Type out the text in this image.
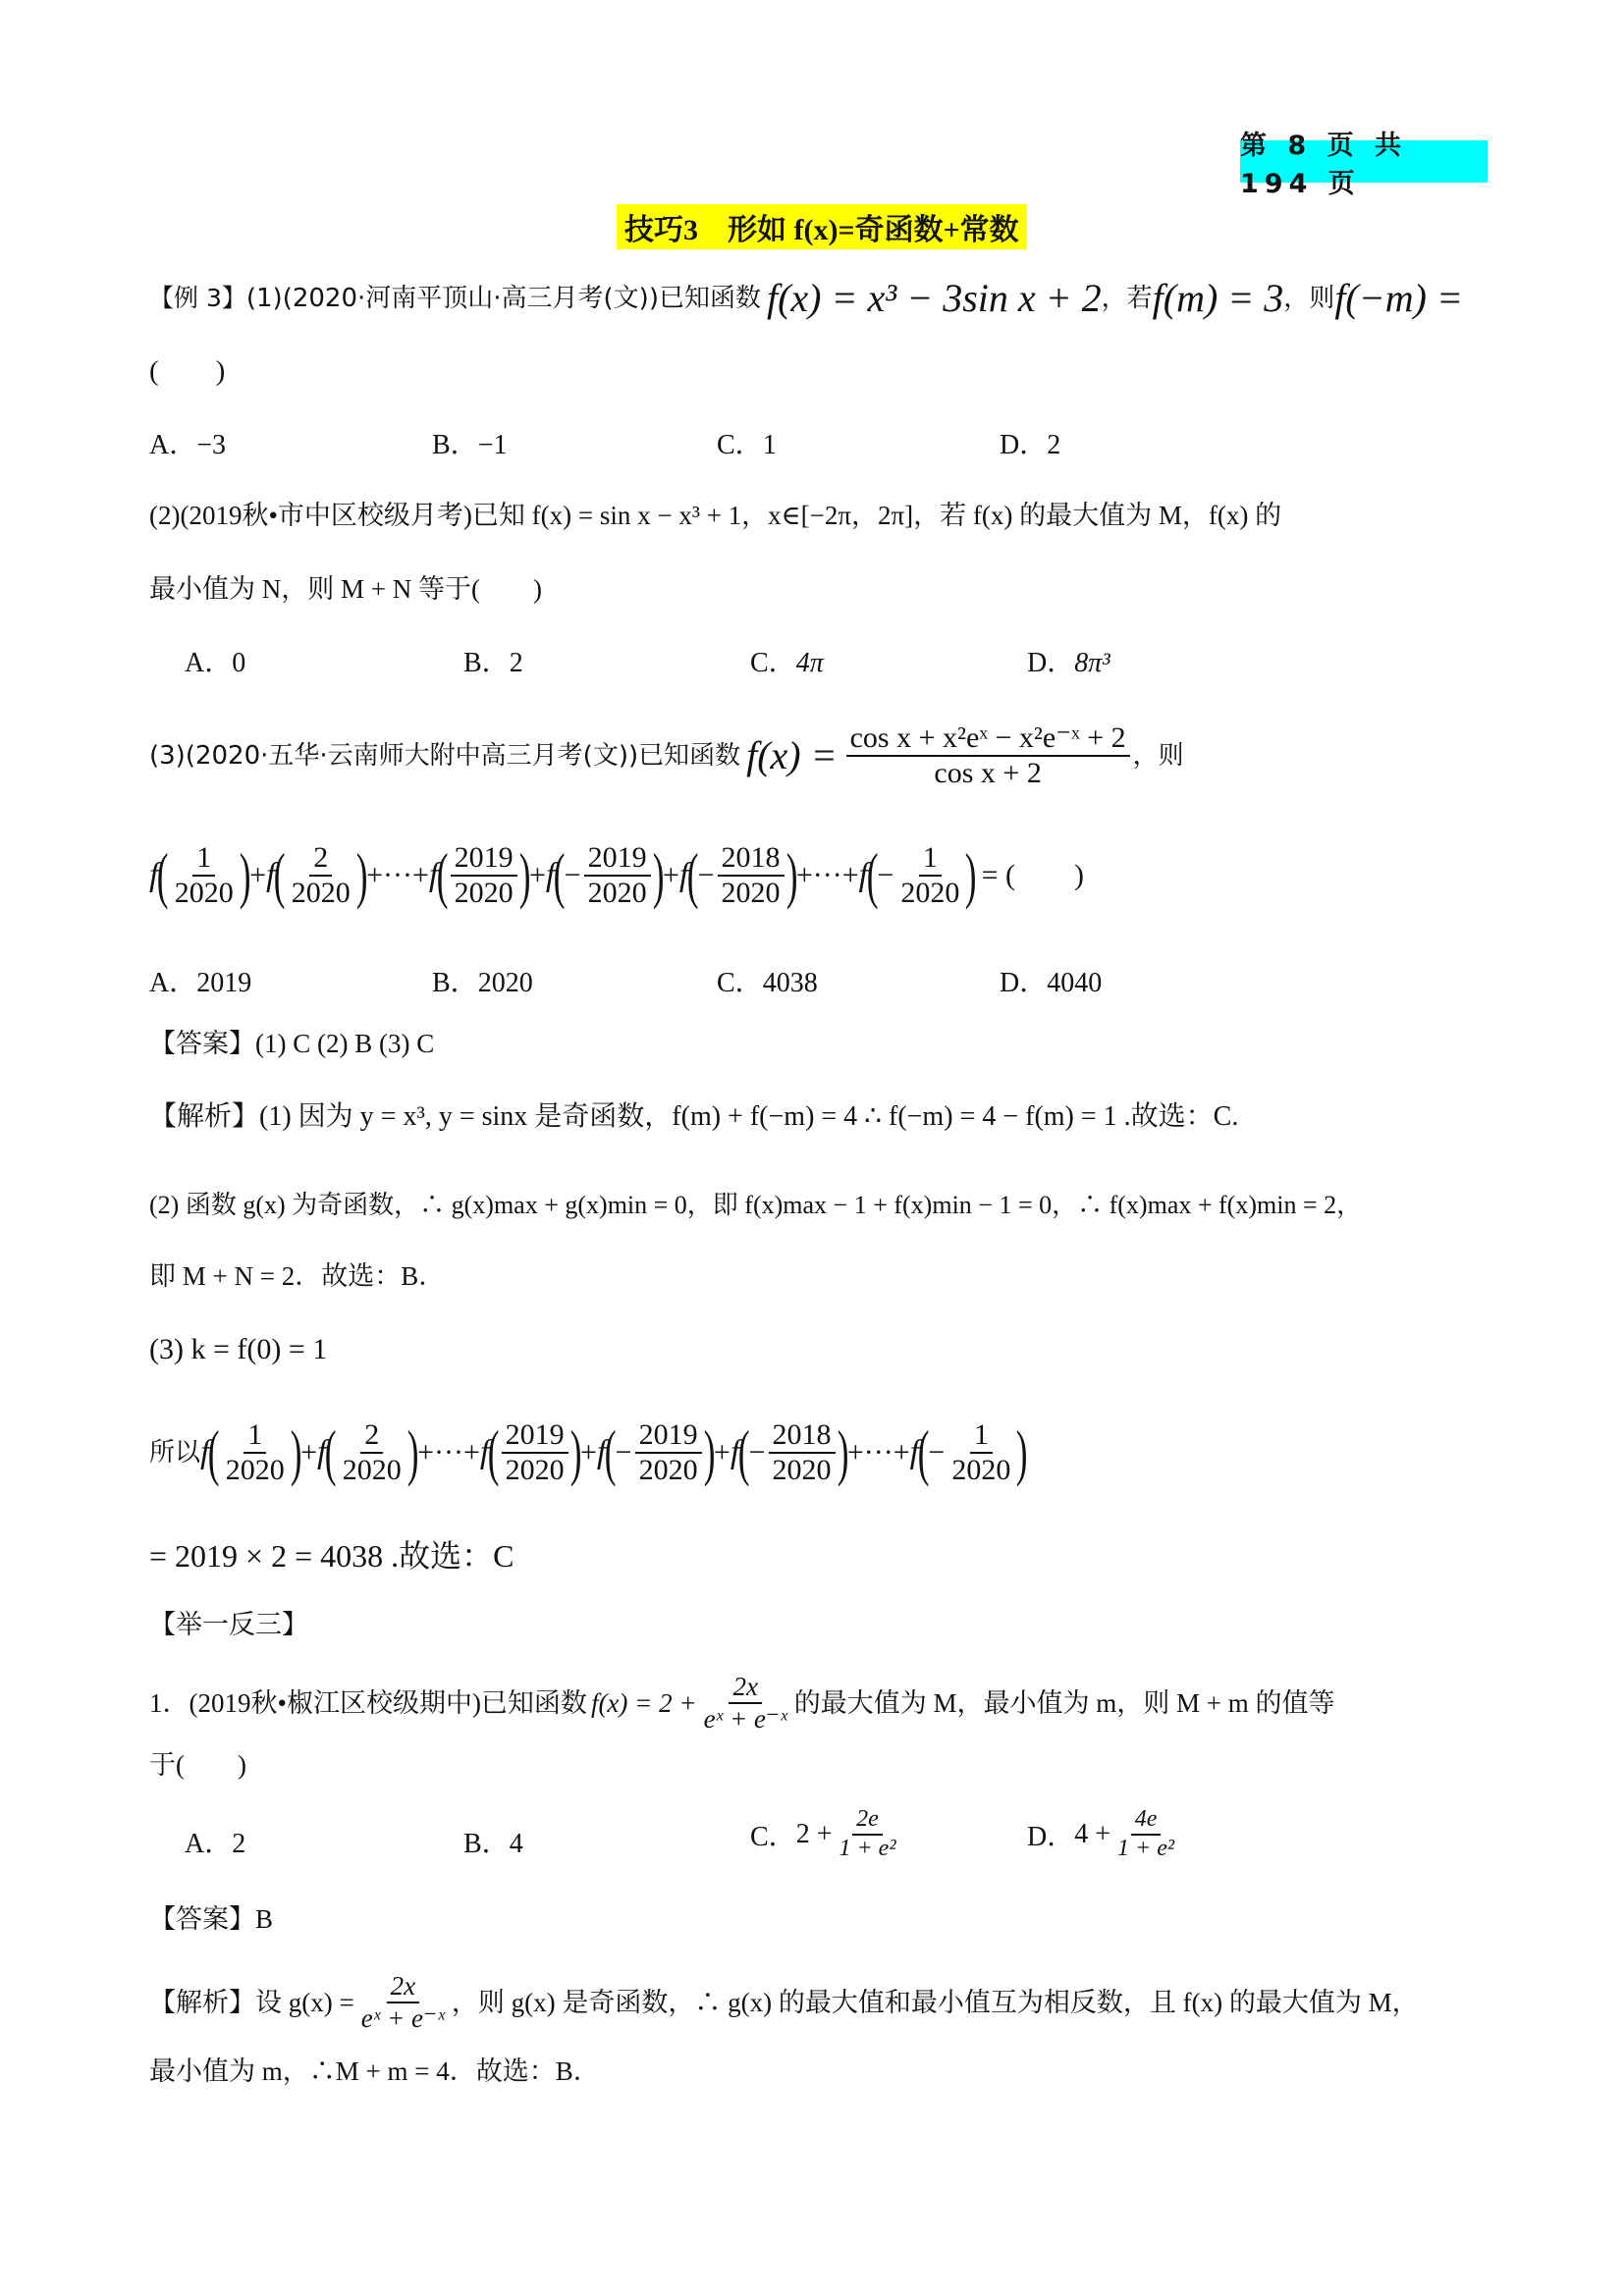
第 8 页 共 194 页
技巧3　形如 f(x)=奇函数+常数
【例 3】 (1)(2020·河南平顶山·高三月考(文))已知函数 f(x) = x³ − 3sin x + 2 ，若 f(m) = 3 ，则 f(−m) =
(　　)
A．−3	B．−1	C．1	D．2
(2)(2019秋•市中区校级月考)已知 f(x) = sin x − x³ + 1，x∈[−2π，2π]，若 f(x) 的最大值为 M，f(x) 的
最小值为 N，则 M + N 等于(　　)
A．0	B．2	C．4π	D．8π³
(3)(2020·五华·云南师大附中高三月考(文))已知函数 $f(x) = \frac{\text{cos x + x²eˣ − x²e⁻ˣ + 2}}{\text{cos x + 2}}$ ，则
f
( $\frac{1}{2020}$ )
+ f
( $\frac{2}{2020}$ )
+···+ f
( $\frac{2019}{2020}$ )
+ f
(
− $\frac{2019}{2020}$ )
+ f
(
− $\frac{2018}{2020}$ )
+···+ f
(
− $\frac{1}{2020}$ ) = (　　)
A．2019	B．2020	C．4038	D．4040
【答案】(1) C (2) B (3) C
【解析】(1) 因为 y = x³, y = sinx 是奇函数，f(m) + f(−m) = 4 ∴ f(−m) = 4 − f(m) = 1 .故选：C.
(2) 函数 g(x) 为奇函数，∴ g(x)max + g(x)min = 0，即 f(x)max − 1 + f(x)min − 1 = 0，∴ f(x)max + f(x)min = 2，
即 M + N = 2．故选：B．
(3) k = f(0) = 1
所以 f
( $\frac{1}{2020}$ )
+ f
( $\frac{2}{2020}$ )
+···+ f
( $\frac{2019}{2020}$ )
+ f
(
− $\frac{2019}{2020}$ )
+ f
(
− $\frac{2018}{2020}$ )
+···+ f
(
− $\frac{1}{2020}$ )
= 2019 × 2 = 4038 .故选：C
【举一反三】
1．(2019秋•椒江区校级期中)已知函数 $f(x) = 2 + \frac{2x}{\text{eˣ + e⁻ˣ}}$ 的最大值为 M，最小值为 m，则 M + m 的值等
于(　　)
A．2	B．4	C． $2 + \frac{2e}{\text{1 + e²}}$	D． $4 + \frac{4e}{\text{1 + e²}}$
【答案】B
【解析】设 $g(x) = \frac{2x}{\text{eˣ + e⁻ˣ}}$ ，则 g(x) 是奇函数，∴ g(x) 的最大值和最小值互为相反数，且 f(x) 的最大值为 M，
最小值为 m，∴M + m = 4．故选：B．
